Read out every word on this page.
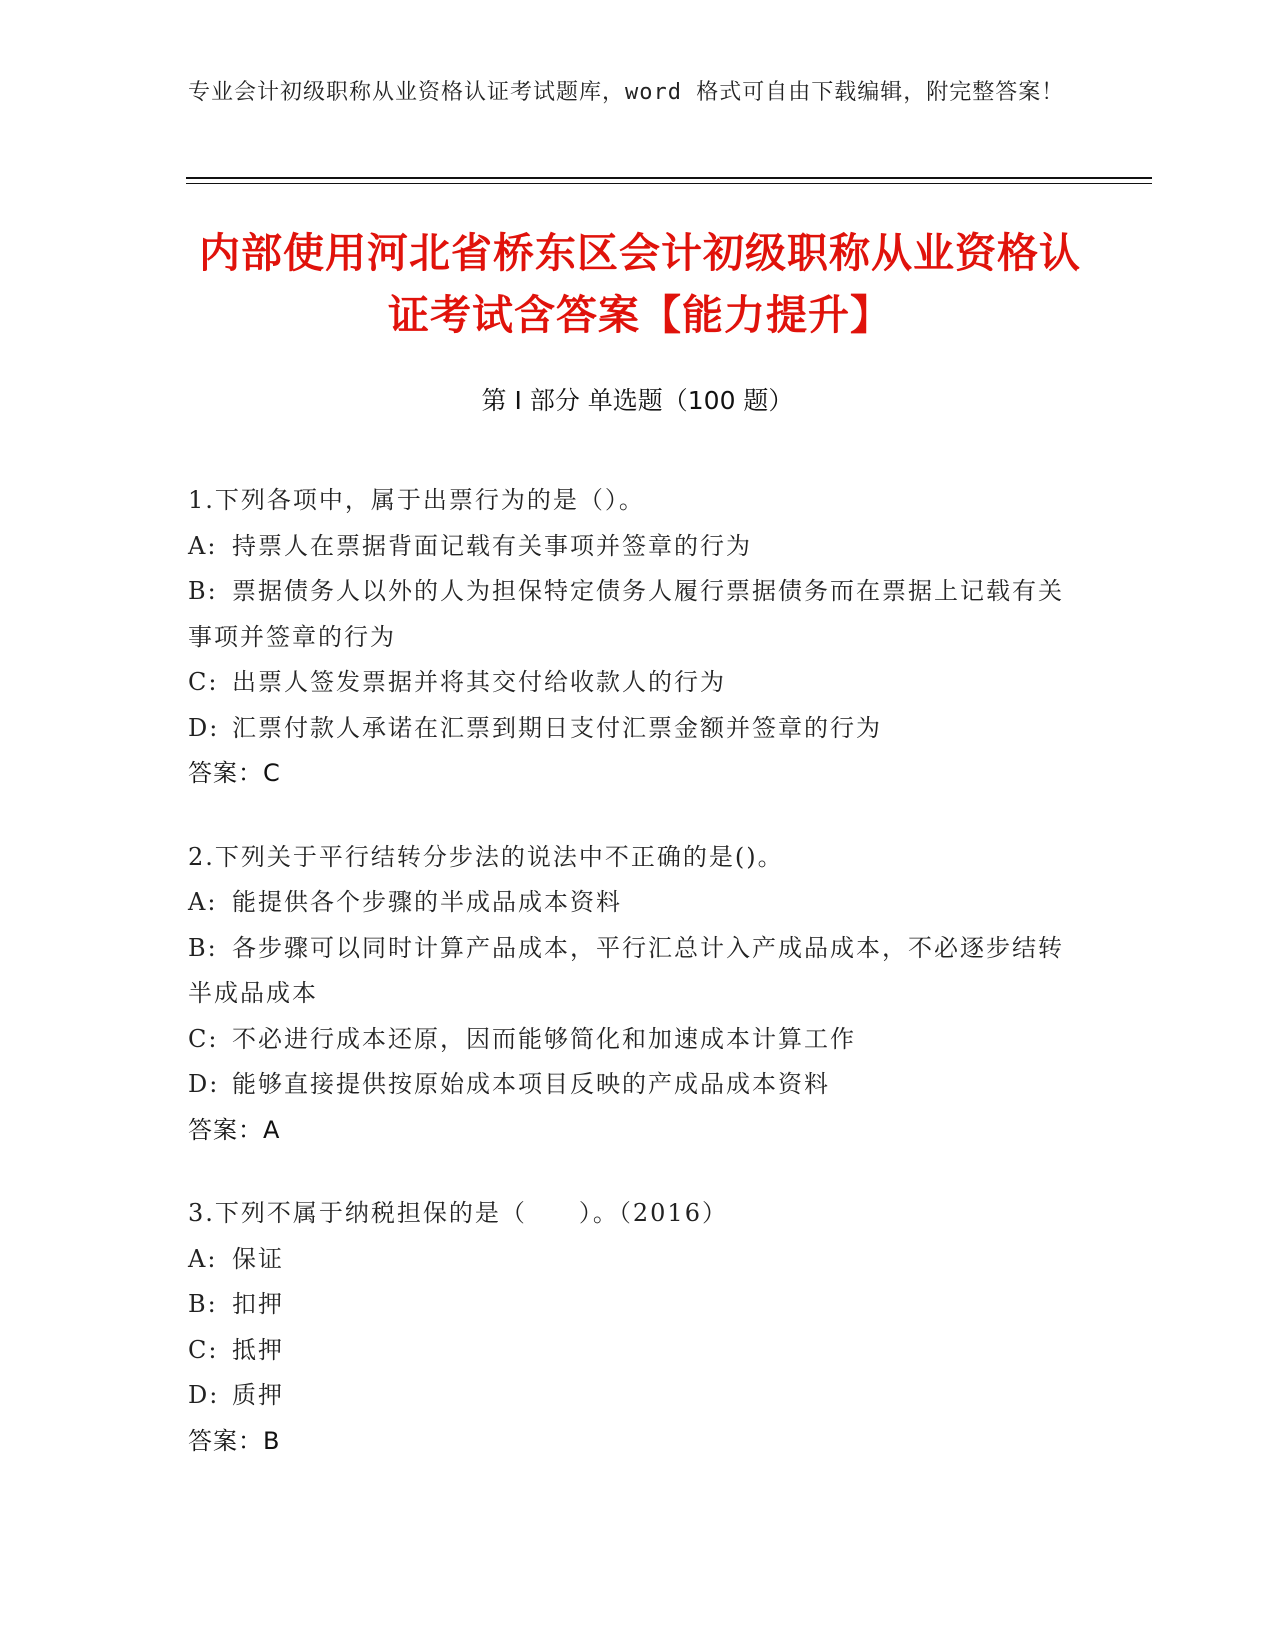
专业会计初级职称从业资格认证考试题库，word 格式可自由下载编辑，附完整答案！
内部使用河北省桥东区会计初级职称从业资格认证考试含答案【能力提升】
第 I 部分 单选题（100 题）
1.下列各项中，属于出票行为的是（）。
A: 持票人在票据背面记载有关事项并签章的行为
B: 票据债务人以外的人为担保特定债务人履行票据债务而在票据上记载有关事项并签章的行为
C: 出票人签发票据并将其交付给收款人的行为
D: 汇票付款人承诺在汇票到期日支付汇票金额并签章的行为
答案：C
2.下列关于平行结转分步法的说法中不正确的是()。
A: 能提供各个步骤的半成品成本资料
B: 各步骤可以同时计算产品成本，平行汇总计入产成品成本，不必逐步结转半成品成本
C: 不必进行成本还原，因而能够简化和加速成本计算工作
D: 能够直接提供按原始成本项目反映的产成品成本资料
答案：A
3.下列不属于纳税担保的是（　　）。（2016）
A: 保证
B: 扣押
C: 抵押
D: 质押
答案：B
